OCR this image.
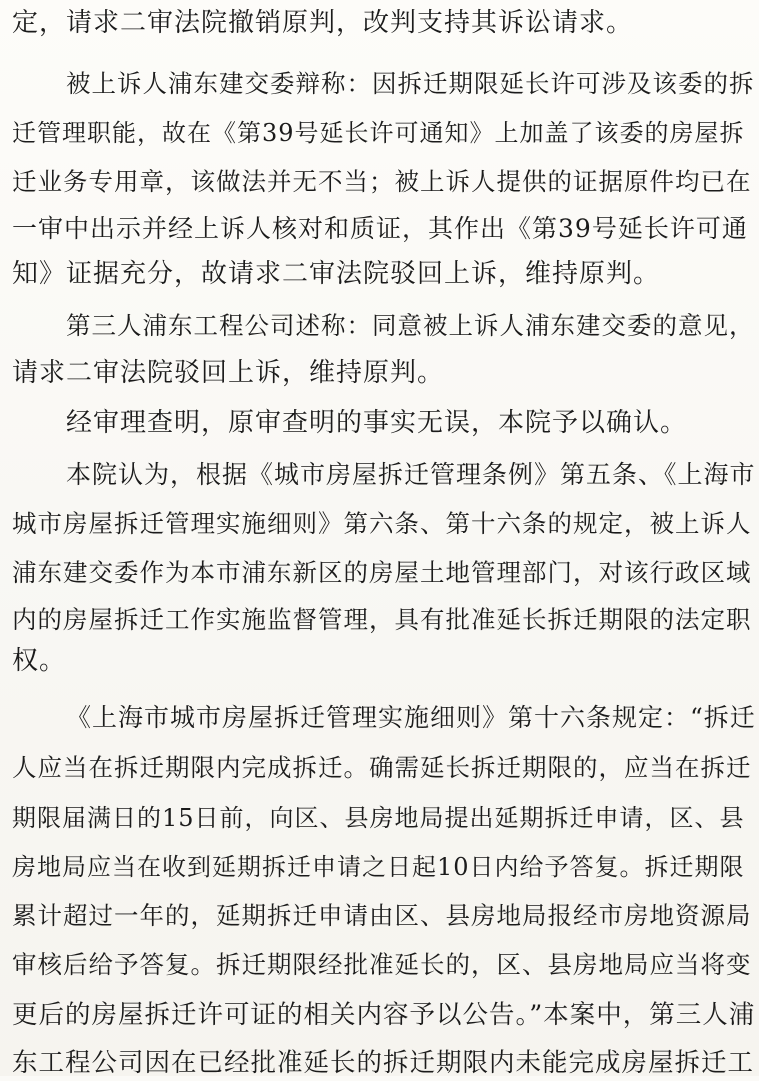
定，请求二审法院撤销原判，改判支持其诉讼请求。
被上诉人浦东建交委辩称：因拆迁期限延长许可涉及该委的拆
迁管理职能，故在《第39号延长许可通知》上加盖了该委的房屋拆
迁业务专用章，该做法并无不当；被上诉人提供的证据原件均已在
一审中出示并经上诉人核对和质证，其作出《第39号延长许可通
知》证据充分，故请求二审法院驳回上诉，维持原判。
第三人浦东工程公司述称：同意被上诉人浦东建交委的意见，
请求二审法院驳回上诉，维持原判。
经审理查明，原审查明的事实无误，本院予以确认。
本院认为，根据《城市房屋拆迁管理条例》第五条、《上海市
城市房屋拆迁管理实施细则》第六条、第十六条的规定，被上诉人
浦东建交委作为本市浦东新区的房屋土地管理部门，对该行政区域
内的房屋拆迁工作实施监督管理，具有批准延长拆迁期限的法定职
权。
《上海市城市房屋拆迁管理实施细则》第十六条规定：“拆迁
人应当在拆迁期限内完成拆迁。确需延长拆迁期限的，应当在拆迁
期限届满日的15日前，向区、县房地局提出延期拆迁申请，区、县
房地局应当在收到延期拆迁申请之日起10日内给予答复。拆迁期限
累计超过一年的，延期拆迁申请由区、县房地局报经市房地资源局
审核后给予答复。拆迁期限经批准延长的，区、县房地局应当将变
更后的房屋拆迁许可证的相关内容予以公告。”本案中，第三人浦
东工程公司因在已经批准延长的拆迁期限内未能完成房屋拆迁工
